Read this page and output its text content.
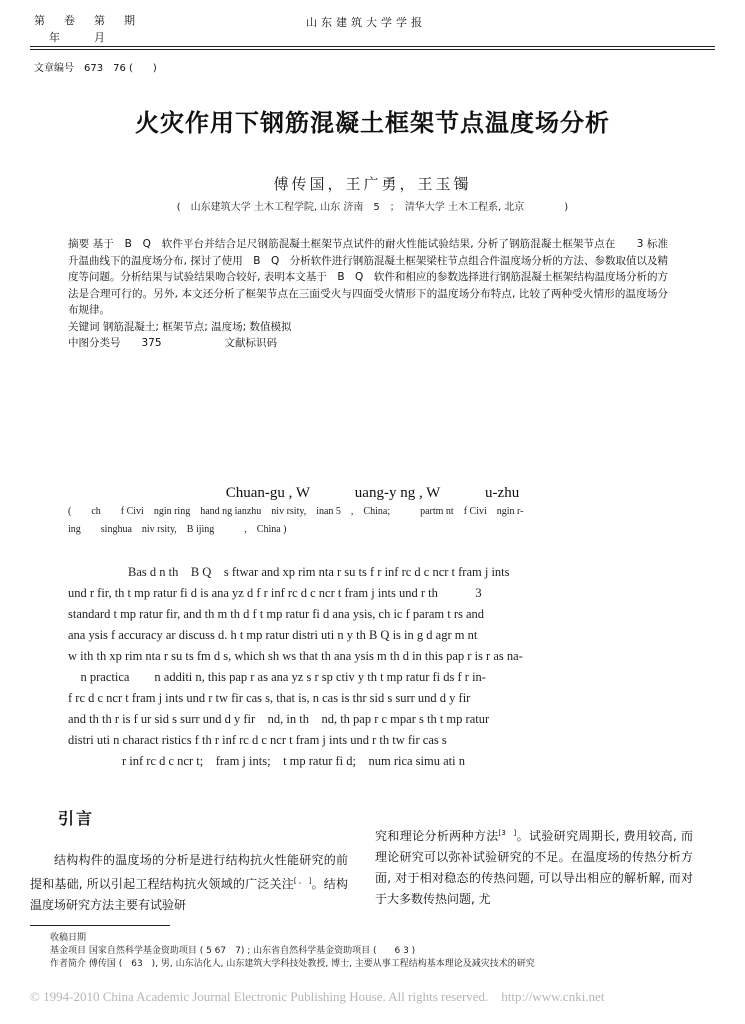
第　卷　第　期
　年　　月
山东建筑大学学报
文章编号　673　76 (　　)
火灾作用下钢筋混凝土框架节点温度场分析
傅传国，王广勇，王玉镯
(　山东建筑大学 土木工程学院, 山东 济南　5　；　清华大学 土木工程系, 北京　　　　)

摘要 基于　B　Q　软件平台并结合足尺钢筋混凝土框架节点试件的耐火性能试验结果, 分析了钢筋混凝土框架节点在　　3 标准升温曲线下的温度场分布, 探讨了使用　B　Q　分析软件进行钢筋混凝土框架梁柱节点组合件温度场分析的方法、参数取值以及精度等问题。分析结果与试验结果吻合较好, 表明本文基于　B　Q　软件和相应的参数选择进行钢筋混凝土框架结构温度场分析的方法是合理可行的。另外, 本文还分析了框架节点在三面受火与四面受火情形下的温度场分布特点, 比较了两种受火情形的温度场分布规律。

关键词 钢筋混凝土; 框架节点; 温度场; 数值模拟
中图分类号　　375　　　　　　文献标识码
Chuan-gu , W　　　uang-y ng , W　　　u-zhu
(　　ch　　f Civi　ngin ring　hand ng ianzhu　niv rsity,　inan 5　,　China;　　　partm nt　f Civi　ngin r-
ing　　singhua　niv rsity,　B ijing　　　,　China )

Bas d n th　B Q　s ftwar and xp rim nta r su ts f r inf rc d c ncr t fram j ints

und r fir, th t mp ratur fi d is ana yz d f r inf rc d c ncr t fram j ints und r th　　　3

standard t mp ratur fir, and th m th d f t mp ratur fi d ana ysis, ch ic f param t rs and

ana ysis f accuracy ar discuss d. h t mp ratur distri uti n y th B Q is in g d agr m nt

w ith th xp rim nta r su ts fm d s, which sh ws that th ana ysis m th d in this pap r is r as na-

　n practica　　n additi n, this pap r as ana yz s r sp ctiv y th t mp ratur fi ds f r in-

f rc d c ncr t fram j ints und r tw fir cas s, that is, n cas is thr sid s surr und d y fir

and th th r is f ur sid s surr und d y fir　nd, in th　nd, th pap r c mpar s th t mp ratur

distri uti n charact ristics f th r inf rc d c ncr t fram j ints und r th tw fir cas s

r inf rc d c ncr t;　fram j ints;　t mp ratur fi d;　num rica simu ati n

引言

结构构件的温度场的分析是进行结构抗火性能研究的前提和基础, 所以引起工程结构抗火领域的广泛关注[ ,　]。结构温度场研究方法主要有试验研

究和理论分析两种方法[3　]。试验研究周期长, 费用较高, 而理论研究可以弥补试验研究的不足。在温度场的传热分析方面, 对于相对稳态的传热问题, 可以导出相应的解析解, 而对于大多数传热问题, 尤

收稿日期
基金项目 国家自然科学基金资助项目 ( 5 67　7) ; 山东省自然科学基金资助项目 (　　6 3 )
作者简介 傅传国 (　63　), 男, 山东沾化人, 山东建筑大学科技处教授, 博士, 主要从事工程结构基本理论及减灾技术的研究
© 1994-2010 China Academic Journal Electronic Publishing House. All rights reserved.　http://www.cnki.net
